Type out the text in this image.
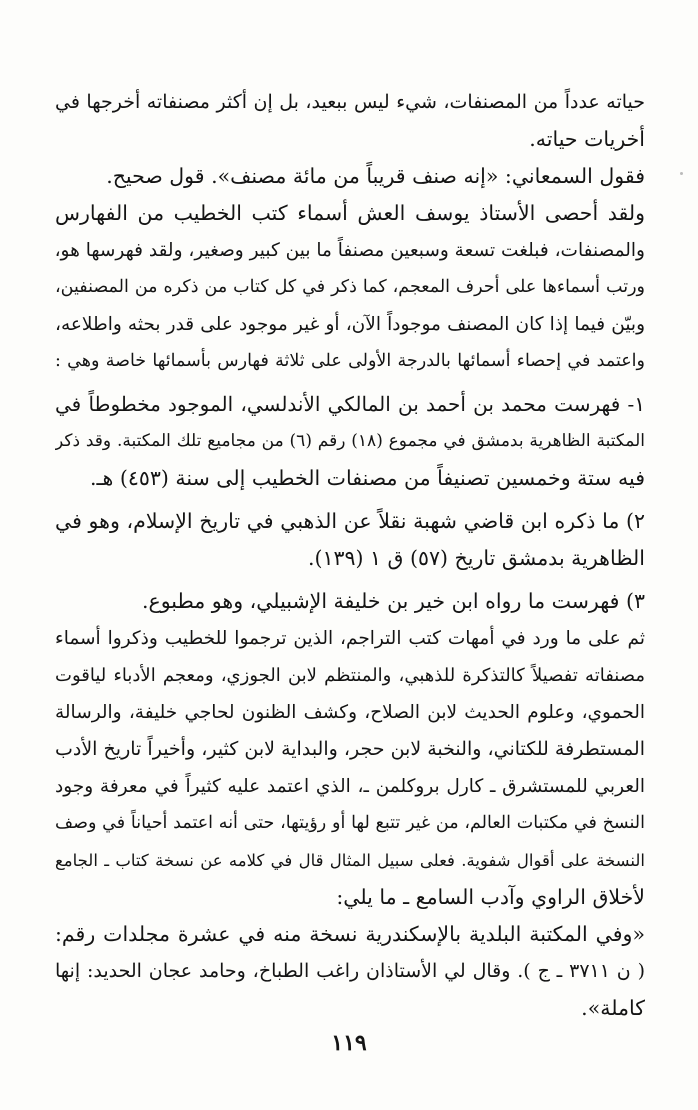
حياته عدداً من المصنفات، شيء ليس ببعيد، بل إن أكثر مصنفاته أخرجها في
أخريات حياته.
فقول السمعاني: «إنه صنف قريباً من مائة مصنف». قول صحيح.
ولقد أحصى الأستاذ يوسف العش أسماء كتب الخطيب من الفهارس
والمصنفات، فبلغت تسعة وسبعين مصنفاً ما بين كبير وصغير، ولقد فهرسها هو،
ورتب أسماءها على أحرف المعجم، كما ذكر في كل كتاب من ذكره من المصنفين،
وبيّن فيما إذا كان المصنف موجوداً الآن، أو غير موجود على قدر بحثه واطلاعه،
واعتمد في إحصاء أسمائها بالدرجة الأولى على ثلاثة فهارس بأسمائها خاصة وهي :
١- فهرست محمد بن أحمد بن المالكي الأندلسي، الموجود مخطوطاً في
المكتبة الظاهرية بدمشق في مجموع (١٨) رقم (٦) من مجاميع تلك المكتبة. وقد ذكر
فيه ستة وخمسين تصنيفاً من مصنفات الخطيب إلى سنة (٤٥٣) هـ.
٢) ما ذكره ابن قاضي شهبة نقلاً عن الذهبي في تاريخ الإسلام، وهو في
الظاهرية بدمشق تاريخ (٥٧) ق ١ (١٣٩).
٣) فهرست ما رواه ابن خير بن خليفة الإشبيلي، وهو مطبوع.
ثم على ما ورد في أمهات كتب التراجم، الذين ترجموا للخطيب وذكروا أسماء
مصنفاته تفصيلاً كالتذكرة للذهبي، والمنتظم لابن الجوزي، ومعجم الأدباء لياقوت
الحموي، وعلوم الحديث لابن الصلاح، وكشف الظنون لحاجي خليفة، والرسالة
المستطرفة للكتاني، والنخبة لابن حجر، والبداية لابن كثير، وأخيراً تاريخ الأدب
العربي للمستشرق ـ كارل بروكلمن ـ، الذي اعتمد عليه كثيراً في معرفة وجود
النسخ في مكتبات العالم، من غير تتبع لها أو رؤيتها، حتى أنه اعتمد أحياناً في وصف
النسخة على أقوال شفوية. فعلى سبيل المثال قال في كلامه عن نسخة كتاب ـ الجامع
لأخلاق الراوي وآدب السامع ـ ما يلي:
«وفي المكتبة البلدية بالإسكندرية نسخة منه في عشرة مجلدات رقم:
( ن ٣٧١١ ـ ج ). وقال لي الأستاذان راغب الطباخ، وحامد عجان الحديد: إنها
كاملة».
١١٩
